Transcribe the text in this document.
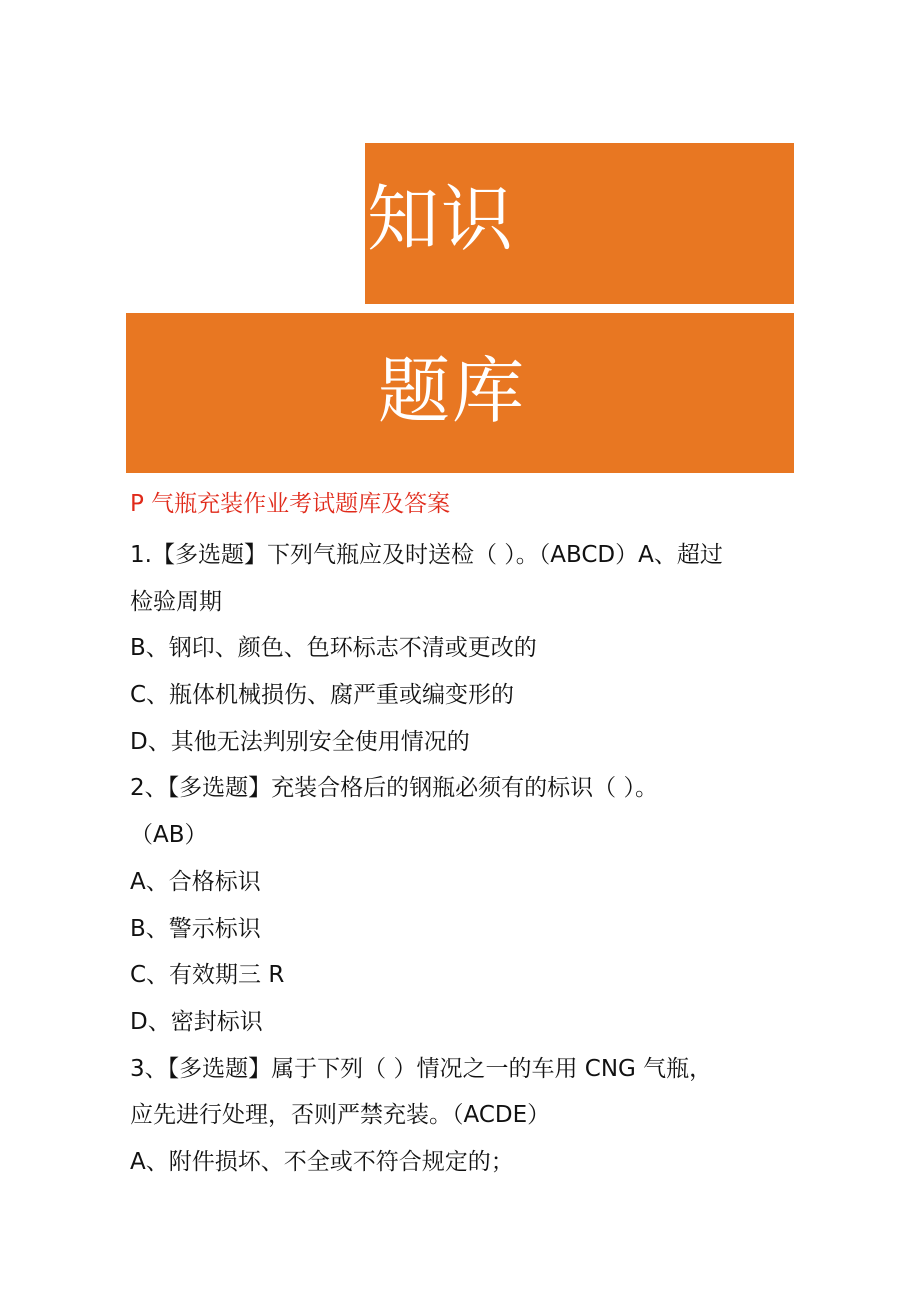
知识
题库
P 气瓶充装作业考试题库及答案
1.【多选题】下列气瓶应及时送检（ ）。（ABCD）A、超过
检验周期
B、钢印、颜色、色环标志不清或更改的
C、瓶体机械损伤、腐严重或编变形的
D、其他无法判别安全使用情况的
2、【多选题】充装合格后的钢瓶必须有的标识（ ）。
（AB）
A、合格标识
B、警示标识
C、有效期三 R
D、密封标识
3、【多选题】属于下列（ ）情况之一的车用 CNG 气瓶，
应先进行处理，否则严禁充装。（ACDE）
A、附件损坏、不全或不符合规定的；
